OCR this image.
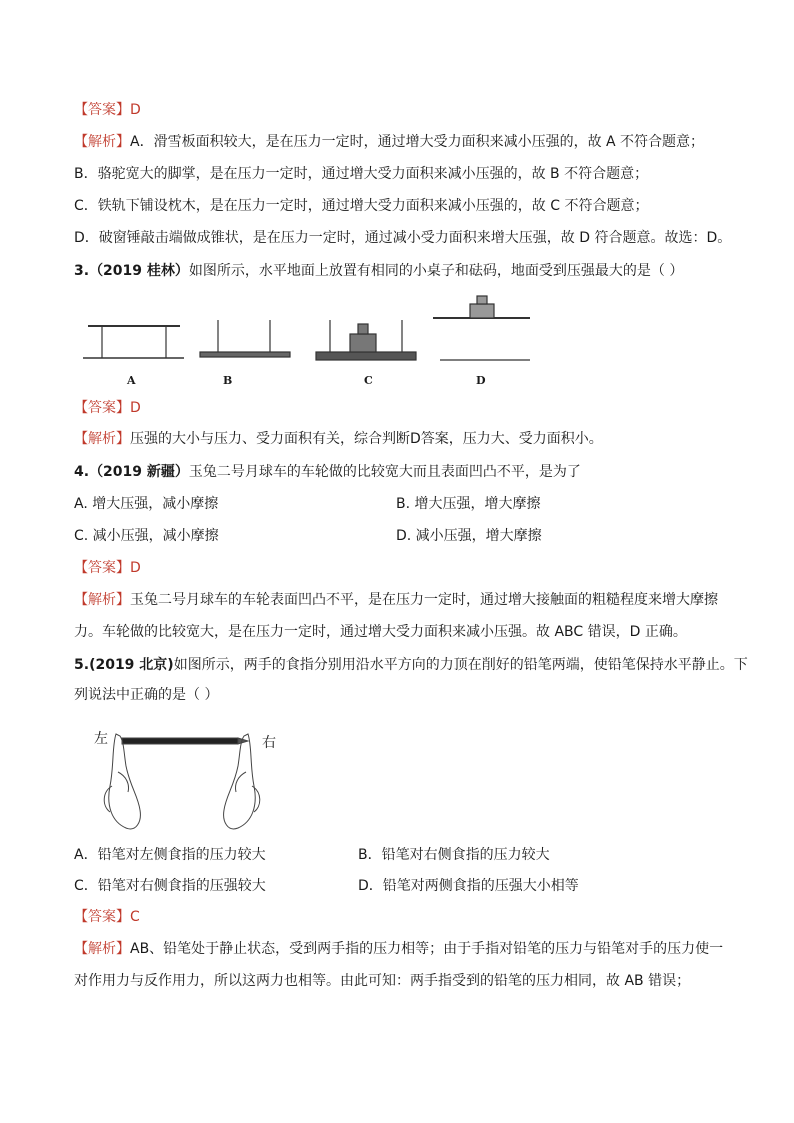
【答案】D
【解析】A．滑雪板面积较大，是在压力一定时，通过增大受力面积来减小压强的，故 A 不符合题意；
B．骆驼宽大的脚掌，是在压力一定时，通过增大受力面积来减小压强的，故 B 不符合题意；
C．铁轨下铺设枕木，是在压力一定时，通过增大受力面积来减小压强的，故 C 不符合题意；
D．破窗锤敲击端做成锥状，是在压力一定时，通过减小受力面积来增大压强，故 D 符合题意。故选：D。
3.（2019 桂林）如图所示，水平地面上放置有相同的小桌子和砝码，地面受到压强最大的是（ ）
A	B	C	D
【答案】D
【解析】压强的大小与压力、受力面积有关，综合判断D答案，压力大、受力面积小。
4.（2019 新疆）玉兔二号月球车的车轮做的比较宽大而且表面凹凸不平，是为了
A. 增大压强，减小摩擦	B. 增大压强，增大摩擦
C. 减小压强，减小摩擦	D. 减小压强，增大摩擦
【答案】D
【解析】玉兔二号月球车的车轮表面凹凸不平，是在压力一定时，通过增大接触面的粗糙程度来增大摩擦
力。车轮做的比较宽大，是在压力一定时，通过增大受力面积来减小压强。故 ABC 错误，D 正确。
5.(2019 北京)如图所示，两手的食指分别用沿水平方向的力顶在削好的铅笔两端，使铅笔保持水平静止。下
列说法中正确的是（ ）
左	右
A．铅笔对左侧食指的压力较大	B．铅笔对右侧食指的压力较大
C．铅笔对右侧食指的压强较大	D．铅笔对两侧食指的压强大小相等
【答案】C
【解析】AB、铅笔处于静止状态，受到两手指的压力相等；由于手指对铅笔的压力与铅笔对手的压力使一
对作用力与反作用力，所以这两力也相等。由此可知：两手指受到的铅笔的压力相同，故 AB 错误；
